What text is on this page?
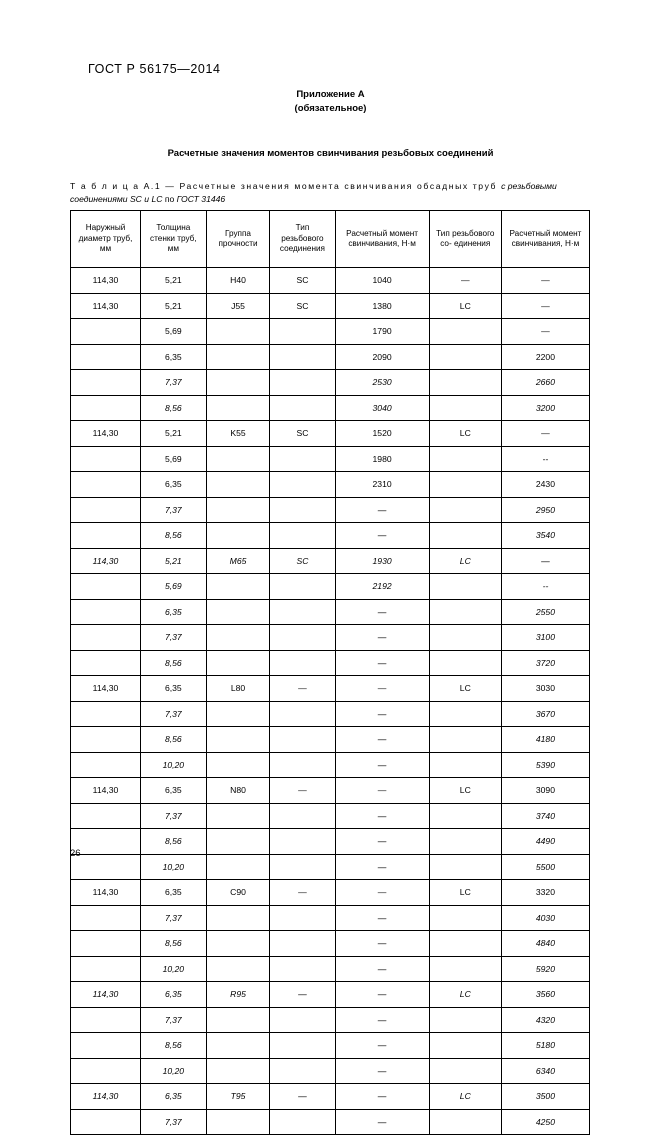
ГОСТ Р 56175—2014
Приложение А
(обязательное)
Расчетные значения моментов свинчивания резьбовых соединений
Т а б л и ц а А.1 — Расчетные значения момента свинчивания обсадных труб с резьбовыми соединениями SC и LC по ГОСТ 31446
Наружный диаметр труб, мм	Толщина стенки труб, мм	Группа прочности	Тип резьбового соединения	Расчетный момент свинчивания, Н·м	Тип резьбового со- единения	Расчетный момент свинчивания, Н·м
114,30	5,21	H40	SC	1040	—	—
114,30	5,21	J55	SC	1380	LC	—
	5,69			1790		—
	6,35			2090		2200
	7,37			2530		2660
	8,56			3040		3200
114,30	5,21	K55	SC	1520	LC	—
	5,69			1980		--
	6,35			2310		2430
	7,37			—		2950
	8,56			—		3540
114,30	5,21	M65	SC	1930	LC	—
	5,69			2192		--
	6,35			—		2550
	7,37			—		3100
	8,56			—		3720
114,30	6,35	L80	—	—	LC	3030
	7,37			—		3670
	8,56			—		4180
	10,20			—		5390
114,30	6,35	N80	—	—	LC	3090
	7,37			—		3740
	8,56			—		4490
	10,20			—		5500
114,30	6,35	C90	—	—	LC	3320
	7,37			—		4030
	8,56			—		4840
	10,20			—		5920
114,30	6,35	R95	—	—	LC	3560
	7,37			—		4320
	8,56			—		5180
	10,20			—		6340
114,30	6,35	T95	—	—	LC	3500
	7,37			—		4250
26
